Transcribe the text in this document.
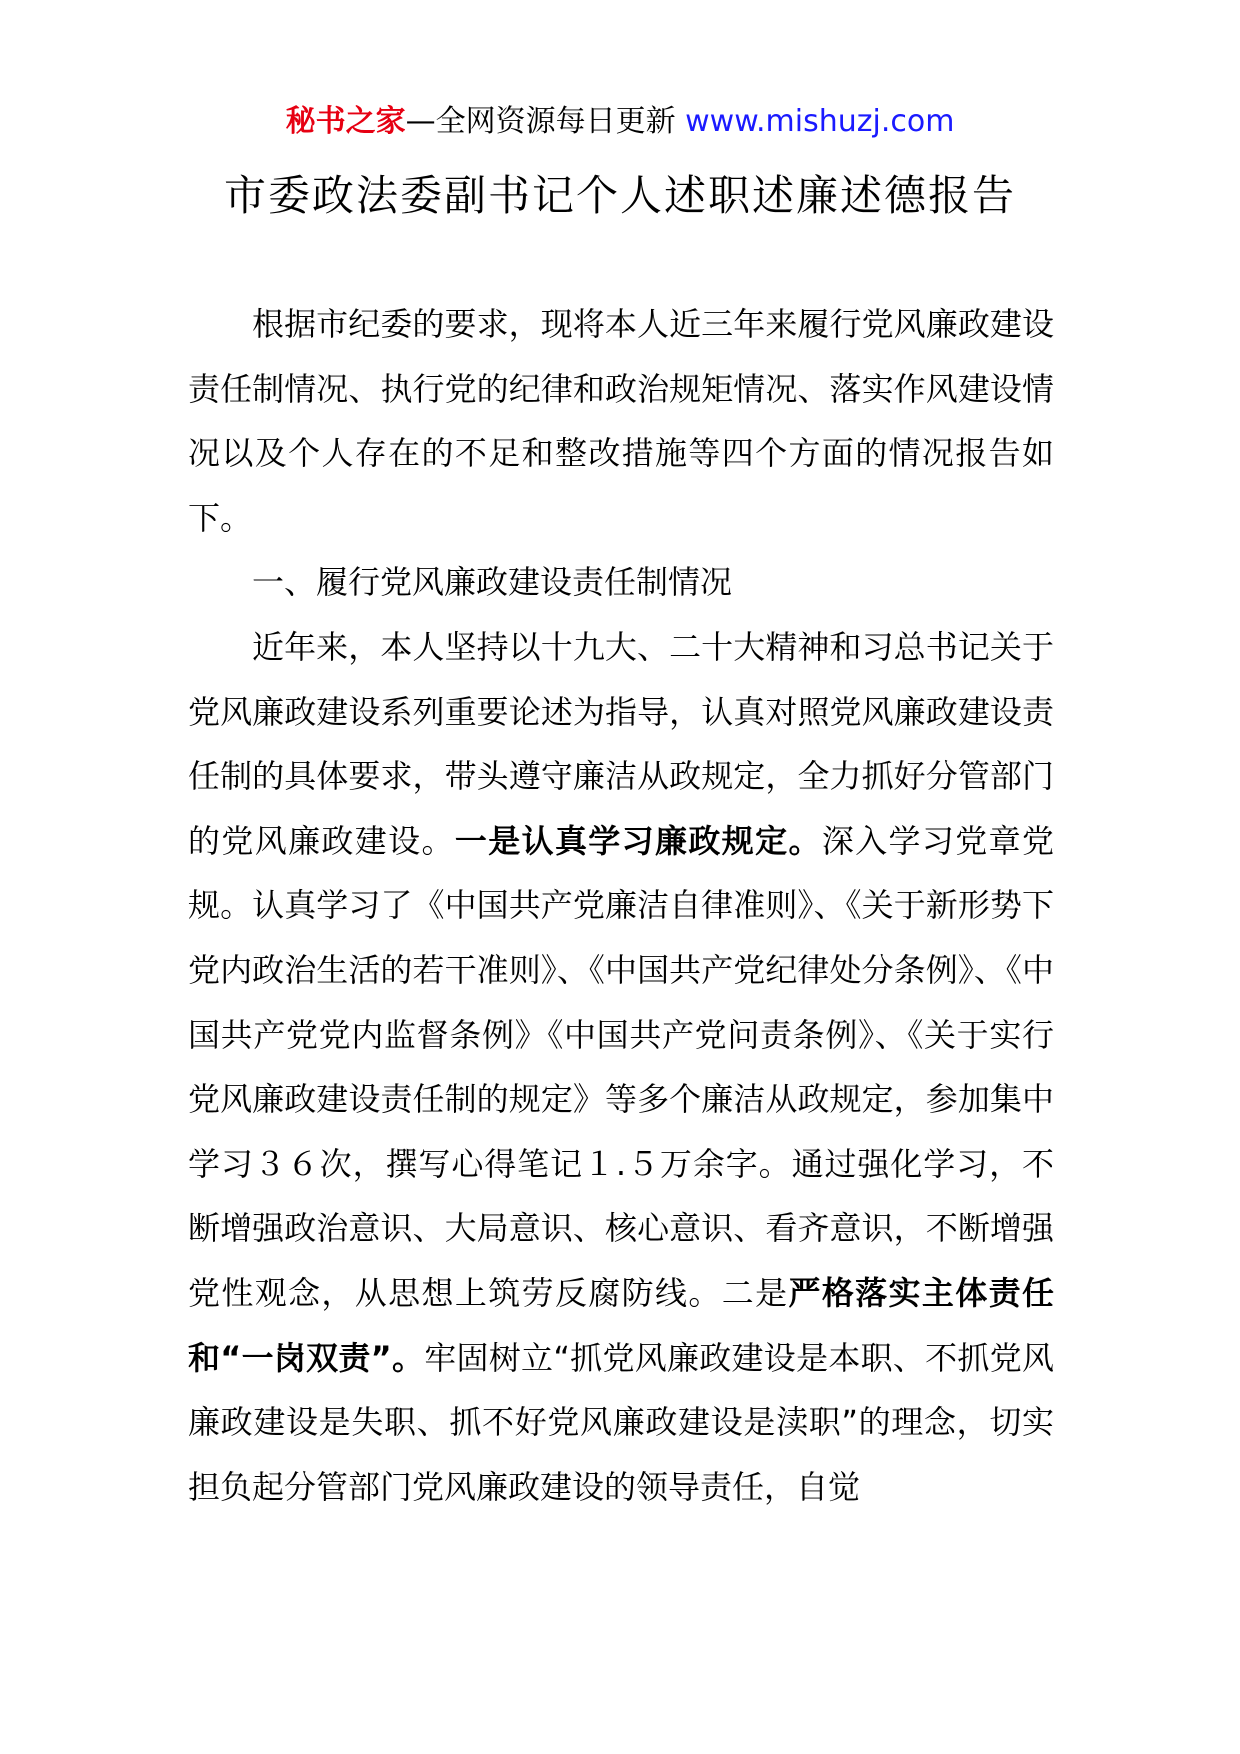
秘书之家—全网资源每日更新 www.mishuzj.com
市委政法委副书记个人述职述廉述德报告

根据市纪委的要求，现将本人近三年来履行党风廉政建设责任制情况、执行党的纪律和政治规矩情况、落实作风建设情况以及个人存在的不足和整改措施等四个方面的情况报告如下。

一、履行党风廉政建设责任制情况

近年来，本人坚持以十九大、二十大精神和习总书记关于党风廉政建设系列重要论述为指导，认真对照党风廉政建设责任制的具体要求，带头遵守廉洁从政规定，全力抓好分管部门的党风廉政建设。一是认真学习廉政规定。深入学习党章党规。认真学习了《中国共产党廉洁自律准则》、《关于新形势下党内政治生活的若干准则》、《中国共产党纪律处分条例》、《中国共产党党内监督条例》《中国共产党问责条例》、《关于实行党风廉政建设责任制的规定》等多个廉洁从政规定，参加集中学习３６次，撰写心得笔记１.５万余字。通过强化学习，不断增强政治意识、大局意识、核心意识、看齐意识，不断增强党性观念，从思想上筑劳反腐防线。二是严格落实主体责任和“一岗双责”。牢固树立“抓党风廉政建设是本职、不抓党风廉政建设是失职、抓不好党风廉政建设是渎职”的理念，切实担负起分管部门党风廉政建设的领导责任，自觉
